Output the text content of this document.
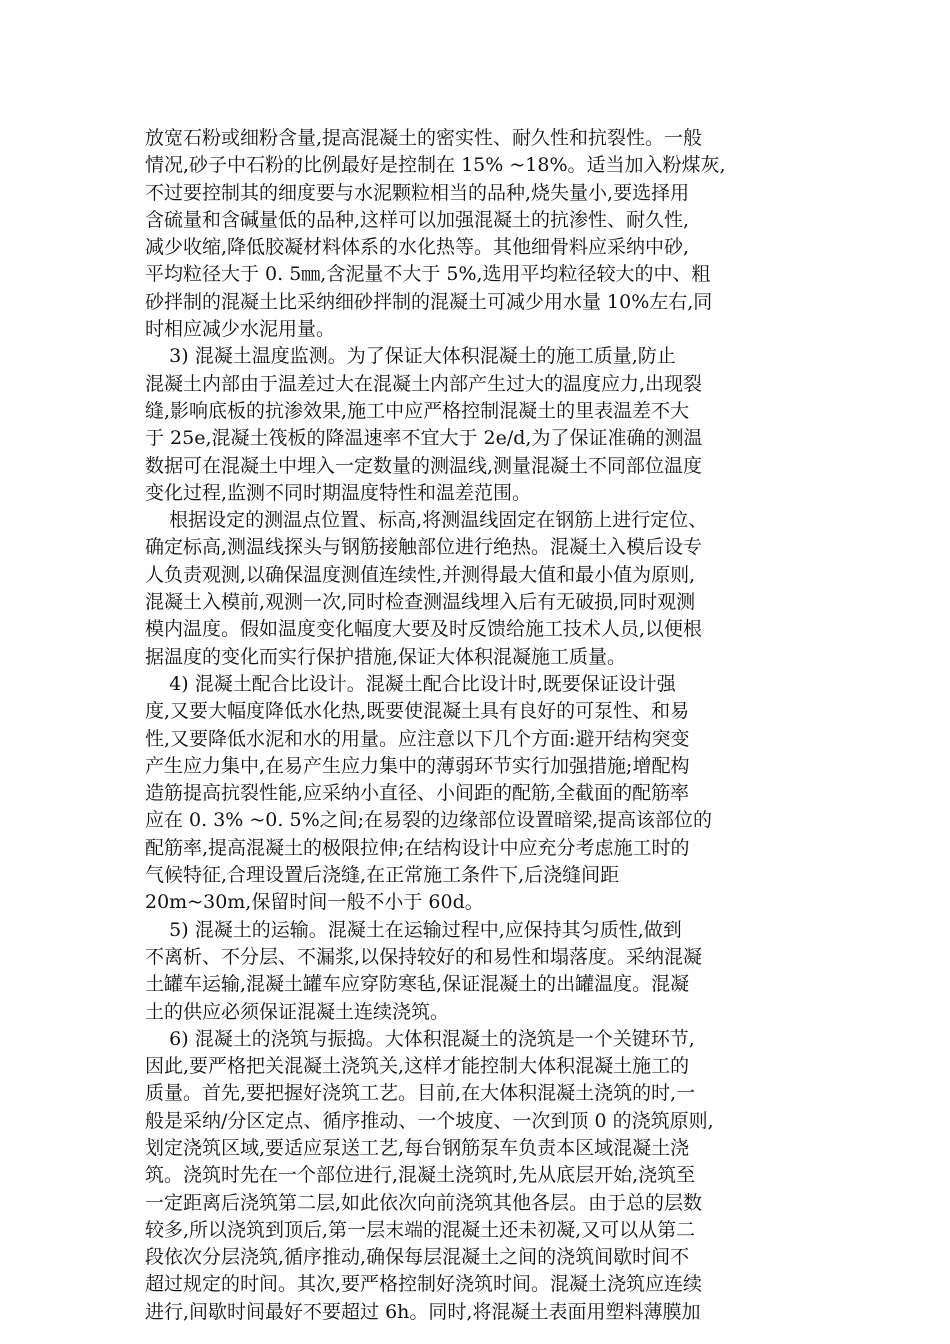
放宽石粉或细粉含量,提高混凝土的密实性、耐久性和抗裂性。一般
情况,砂子中石粉的比例最好是控制在 15% ~18%。适当加入粉煤灰,
不过要控制其的细度要与水泥颗粒相当的品种,烧失量小,要选择用
含硫量和含碱量低的品种,这样可以加强混凝土的抗渗性、耐久性,
减少收缩,降低胶凝材料体系的水化热等。其他细骨料应采纳中砂,
平均粒径大于 0. 5㎜,含泥量不大于 5%,选用平均粒径较大的中、粗
砂拌制的混凝土比采纳细砂拌制的混凝土可减少用水量 10%左右,同
时相应减少水泥用量。
3) 混凝土温度监测。为了保证大体积混凝土的施工质量,防止
混凝土内部由于温差过大在混凝土内部产生过大的温度应力,出现裂
缝,影响底板的抗渗效果,施工中应严格控制混凝土的里表温差不大
于 25e,混凝土筏板的降温速率不宜大于 2e/d,为了保证准确的测温
数据可在混凝土中埋入一定数量的测温线,测量混凝土不同部位温度
变化过程,监测不同时期温度特性和温差范围。
根据设定的测温点位置、标高,将测温线固定在钢筋上进行定位、
确定标高,测温线探头与钢筋接触部位进行绝热。混凝土入模后设专
人负责观测,以确保温度测值连续性,并测得最大值和最小值为原则,
混凝土入模前,观测一次,同时检查测温线埋入后有无破损,同时观测
模内温度。假如温度变化幅度大要及时反馈给施工技术人员,以便根
据温度的变化而实行保护措施,保证大体积混凝施工质量。
4) 混凝土配合比设计。混凝土配合比设计时,既要保证设计强
度,又要大幅度降低水化热,既要使混凝土具有良好的可泵性、和易
性,又要降低水泥和水的用量。应注意以下几个方面:避开结构突变
产生应力集中,在易产生应力集中的薄弱环节实行加强措施;增配构
造筋提高抗裂性能,应采纳小直径、小间距的配筋,全截面的配筋率
应在 0. 3% ~0. 5%之间;在易裂的边缘部位设置暗梁,提高该部位的
配筋率,提高混凝土的极限拉伸;在结构设计中应充分考虑施工时的
气候特征,合理设置后浇缝,在正常施工条件下,后浇缝间距
20m~30m,保留时间一般不小于 60d。
5) 混凝土的运输。混凝土在运输过程中,应保持其匀质性,做到
不离析、不分层、不漏浆,以保持较好的和易性和塌落度。采纳混凝
土罐车运输,混凝土罐车应穿防寒毡,保证混凝土的出罐温度。混凝
土的供应必须保证混凝土连续浇筑。
6) 混凝土的浇筑与振捣。大体积混凝土的浇筑是一个关键环节,
因此,要严格把关混凝土浇筑关,这样才能控制大体积混凝土施工的
质量。首先,要把握好浇筑工艺。目前,在大体积混凝土浇筑的时,一
般是采纳/分区定点、循序推动、一个坡度、一次到顶 0 的浇筑原则,
划定浇筑区域,要适应泵送工艺,每台钢筋泵车负责本区域混凝土浇
筑。浇筑时先在一个部位进行,混凝土浇筑时,先从底层开始,浇筑至
一定距离后浇筑第二层,如此依次向前浇筑其他各层。由于总的层数
较多,所以浇筑到顶后,第一层末端的混凝土还未初凝,又可以从第二
段依次分层浇筑,循序推动,确保每层混凝土之间的浇筑间歇时间不
超过规定的时间。其次,要严格控制好浇筑时间。混凝土浇筑应连续
进行,间歇时间最好不要超过 6h。同时,将混凝土表面用塑料薄膜加
